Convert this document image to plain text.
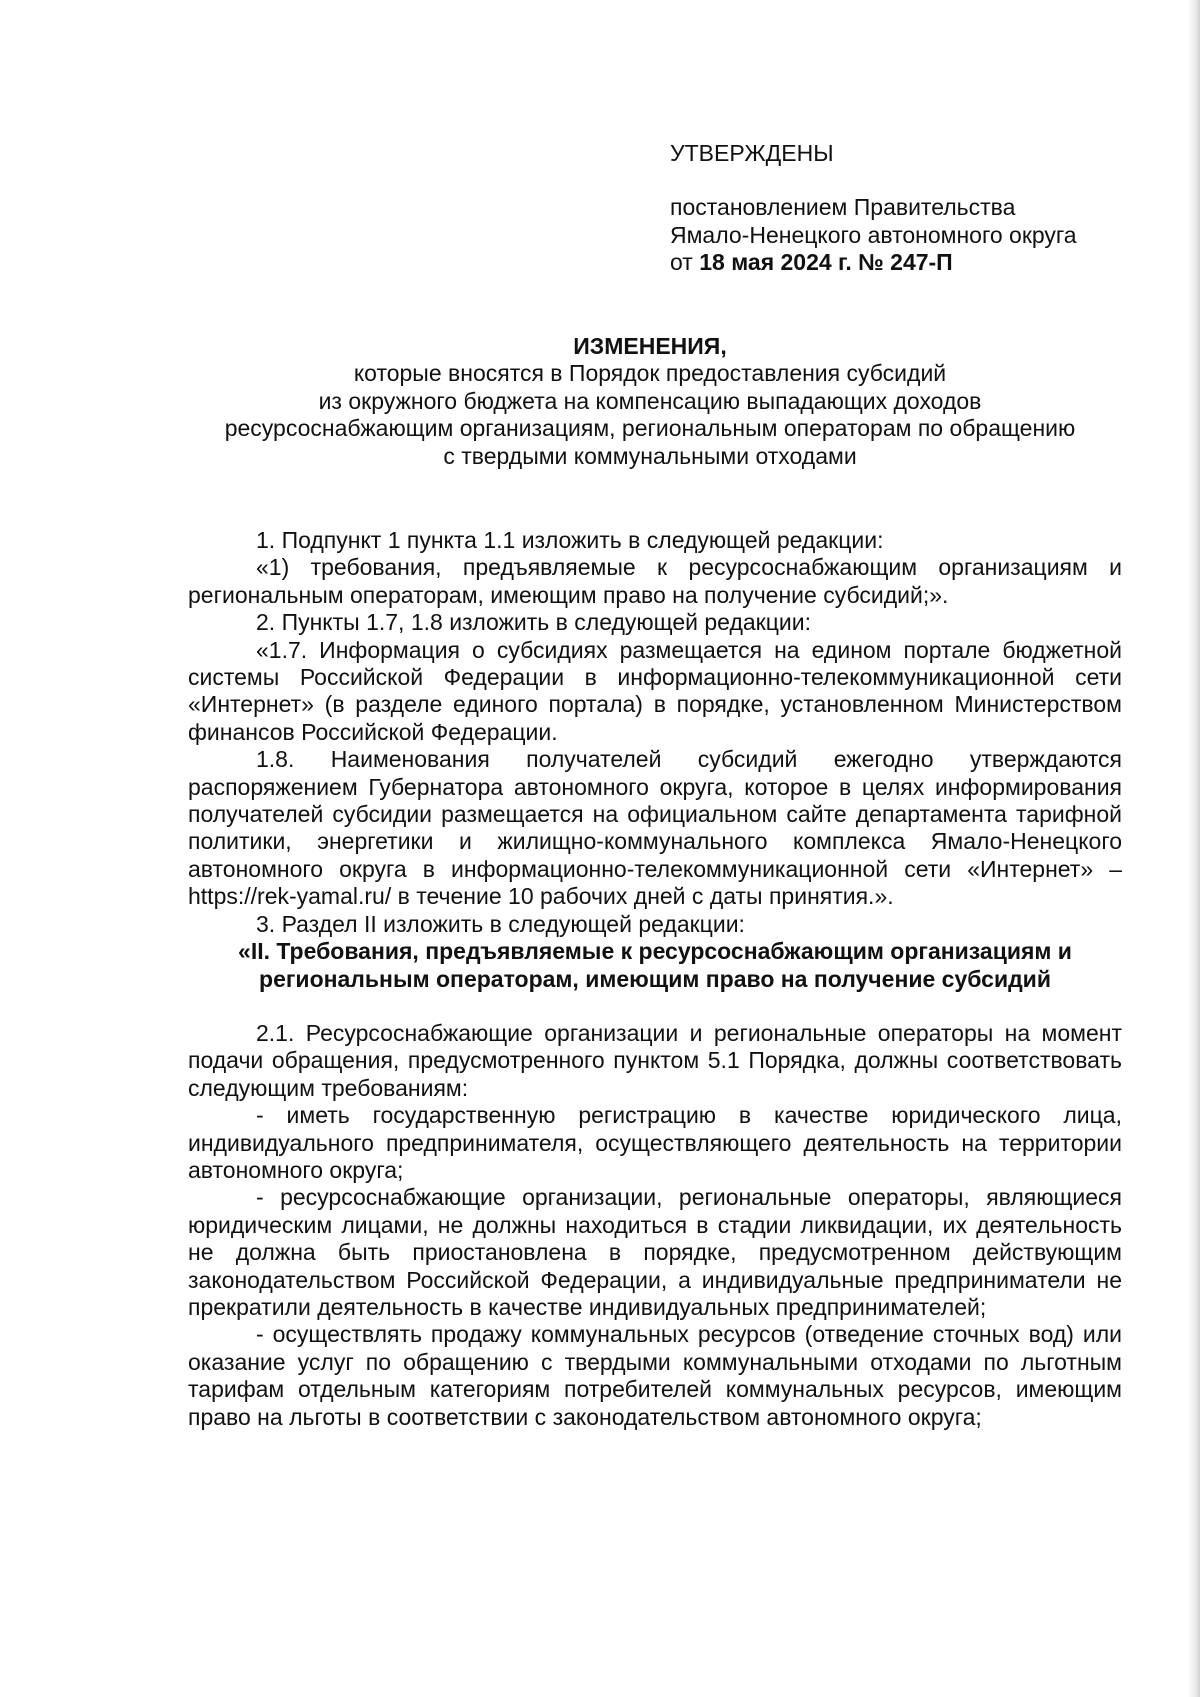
УТВЕРЖДЕНЫ
постановлением Правительства
Ямало-Ненецкого автономного округа
от 18 мая 2024 г. № 247-П
ИЗМЕНЕНИЯ,
которые вносятся в Порядок предоставления субсидий
из окружного бюджета на компенсацию выпадающих доходов
ресурсоснабжающим организациям, региональным операторам по обращению
с твердыми коммунальными отходами

1. Подпункт 1 пункта 1.1 изложить в следующей редакции:

«1) требования, предъявляемые к ресурсоснабжающим организациям и региональным операторам, имеющим право на получение субсидий;».

2. Пункты 1.7, 1.8 изложить в следующей редакции:

«1.7. Информация о субсидиях размещается на едином портале бюджетной системы Российской Федерации в информационно-телекоммуникационной сети «Интернет» (в разделе единого портала) в порядке, установленном Министерством финансов Российской Федерации.

1.8. Наименования получателей субсидий ежегодно утверждаются распоряжением Губернатора автономного округа, которое в целях информирования получателей субсидии размещается на официальном сайте департамента тарифной политики, энергетики и жилищно-коммунального комплекса Ямало-Ненецкого автономного округа в информационно-телекоммуникационной сети «Интернет» – https://rek-yamal.ru/ в течение 10 рабочих дней с даты принятия.».

3. Раздел II изложить в следующей редакции:

«II. Требования, предъявляемые к ресурсоснабжающим организациям и региональным операторам, имеющим право на получение субсидий

2.1. Ресурсоснабжающие организации и региональные операторы на момент подачи обращения, предусмотренного пунктом 5.1 Порядка, должны соответствовать следующим требованиям:

- иметь государственную регистрацию в качестве юридического лица, индивидуального предпринимателя, осуществляющего деятельность на территории автономного округа;

- ресурсоснабжающие организации, региональные операторы, являющиеся юридическим лицами, не должны находиться в стадии ликвидации, их деятельность не должна быть приостановлена в порядке, предусмотренном действующим законодательством Российской Федерации, а индивидуальные предприниматели не прекратили деятельность в качестве индивидуальных предпринимателей;

- осуществлять продажу коммунальных ресурсов (отведение сточных вод) или оказание услуг по обращению с твердыми коммунальными отходами по льготным тарифам отдельным категориям потребителей коммунальных ресурсов, имеющим право на льготы в соответствии с законодательством автономного округа;
